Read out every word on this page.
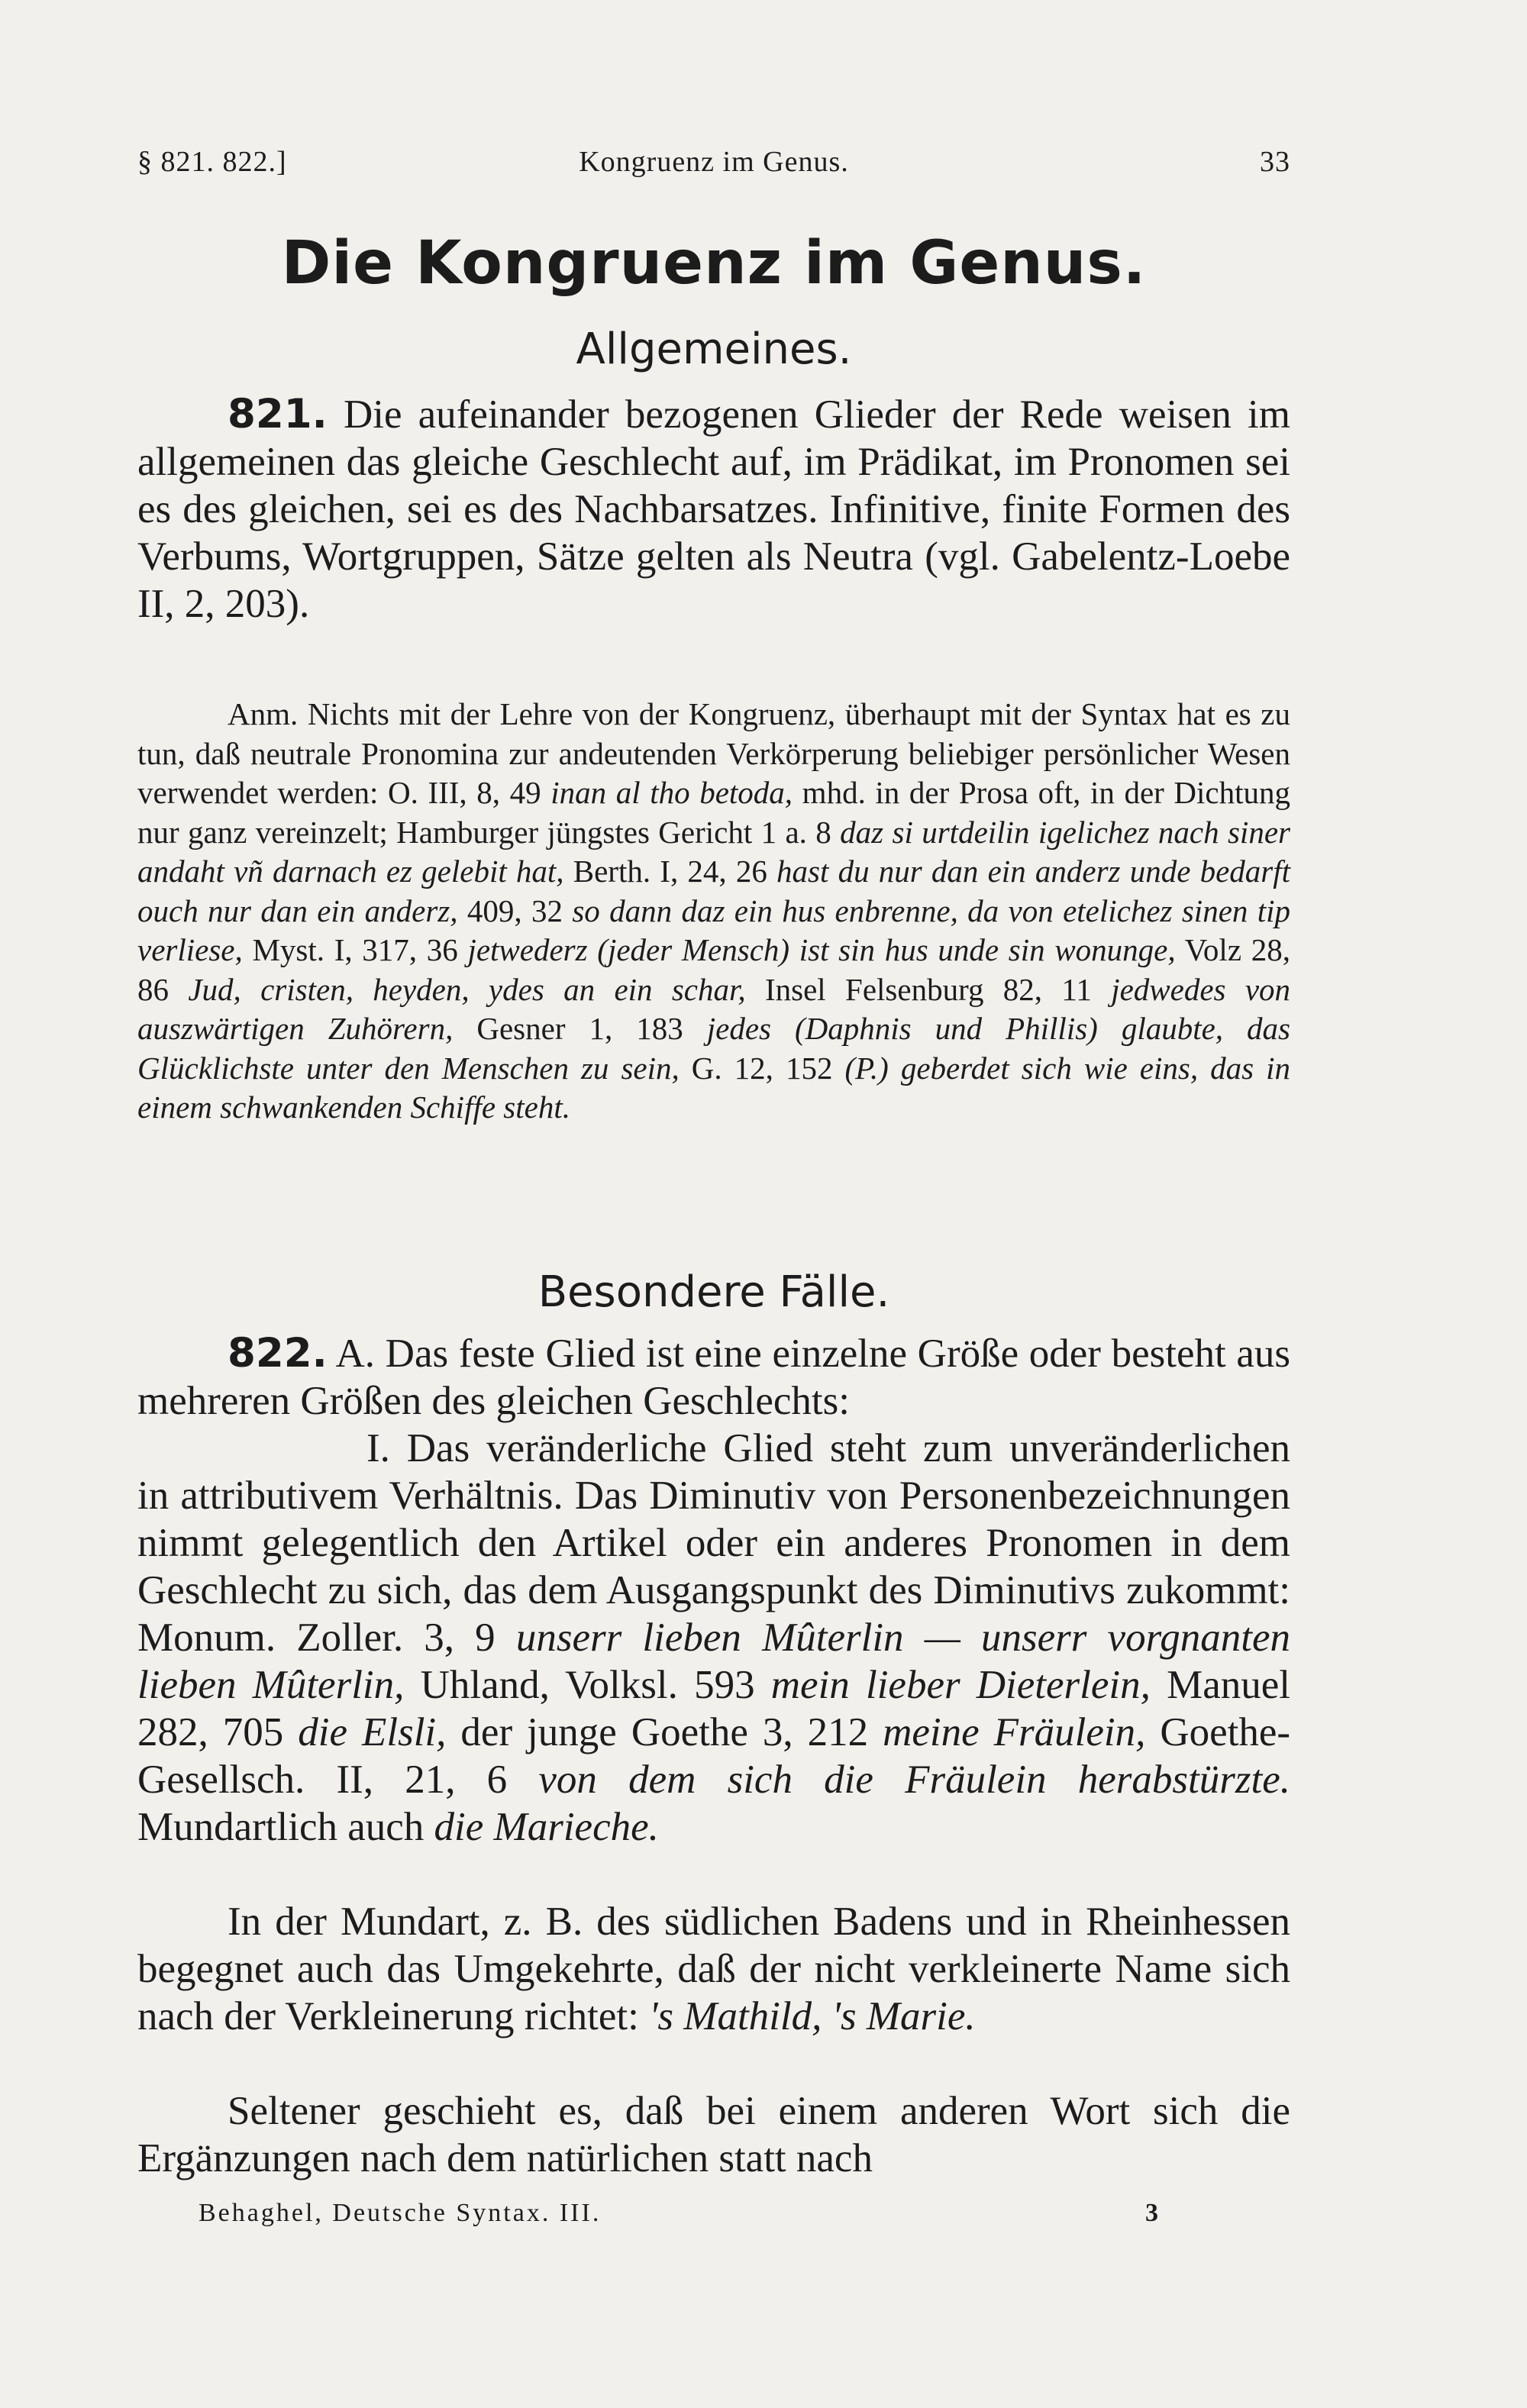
§ 821. 822.]	Kongruenz im Genus.	33
Die Kongruenz im Genus.
Allgemeines.
821. Die aufeinander bezogenen Glieder der Rede weisen im allgemeinen das gleiche Geschlecht auf, im Prädikat, im Pronomen sei es des gleichen, sei es des Nachbarsatzes. Infinitive, finite Formen des Verbums, Wortgruppen, Sätze gelten als Neutra (vgl. Gabelentz-Loebe II, 2, 203).
Anm. Nichts mit der Lehre von der Kongruenz, überhaupt mit der Syntax hat es zu tun, daß neutrale Pronomina zur andeutenden Verkörperung beliebiger persönlicher Wesen verwendet werden: O. III, 8, 49 inan al tho betoda, mhd. in der Prosa oft, in der Dichtung nur ganz vereinzelt; Hamburger jüngstes Gericht 1 a. 8 daz si urtdeilin igelichez nach siner andaht vñ darnach ez gelebit hat, Berth. I, 24, 26 hast du nur dan ein anderz unde bedarft ouch nur dan ein anderz, 409, 32 so dann daz ein hus enbrenne, da von etelichez sinen tip verliese, Myst. I, 317, 36 jetwederz (jeder Mensch) ist sin hus unde sin wonunge, Volz 28, 86 Jud, cristen, heyden, ydes an ein schar, Insel Felsenburg 82, 11 jedwedes von auszwärtigen Zuhörern, Gesner 1, 183 jedes (Daphnis und Phillis) glaubte, das Glücklichste unter den Menschen zu sein, G. 12, 152 (P.) geberdet sich wie eins, das in einem schwankenden Schiffe steht.
Besondere Fälle.
822. A. Das feste Glied ist eine einzelne Größe oder besteht aus mehreren Größen des gleichen Geschlechts:
I. Das veränderliche Glied steht zum unveränderlichen in attributivem Verhältnis. Das Diminutiv von Personenbezeichnungen nimmt gelegentlich den Artikel oder ein anderes Pronomen in dem Geschlecht zu sich, das dem Ausgangspunkt des Diminutivs zukommt: Monum. Zoller. 3, 9 unserr lieben Mûterlin — unserr vorgnanten lieben Mûterlin, Uhland, Volksl. 593 mein lieber Dieterlein, Manuel 282, 705 die Elsli, der junge Goethe 3, 212 meine Fräulein, Goethe-Gesellsch. II, 21, 6 von dem sich die Fräulein herabstürzte. Mundartlich auch die Marieche.
In der Mundart, z. B. des südlichen Badens und in Rheinhessen begegnet auch das Umgekehrte, daß der nicht verkleinerte Name sich nach der Verkleinerung richtet: 's Mathild, 's Marie.
Seltener geschieht es, daß bei einem anderen Wort sich die Ergänzungen nach dem natürlichen statt nach
Behaghel, Deutsche Syntax. III.	3
